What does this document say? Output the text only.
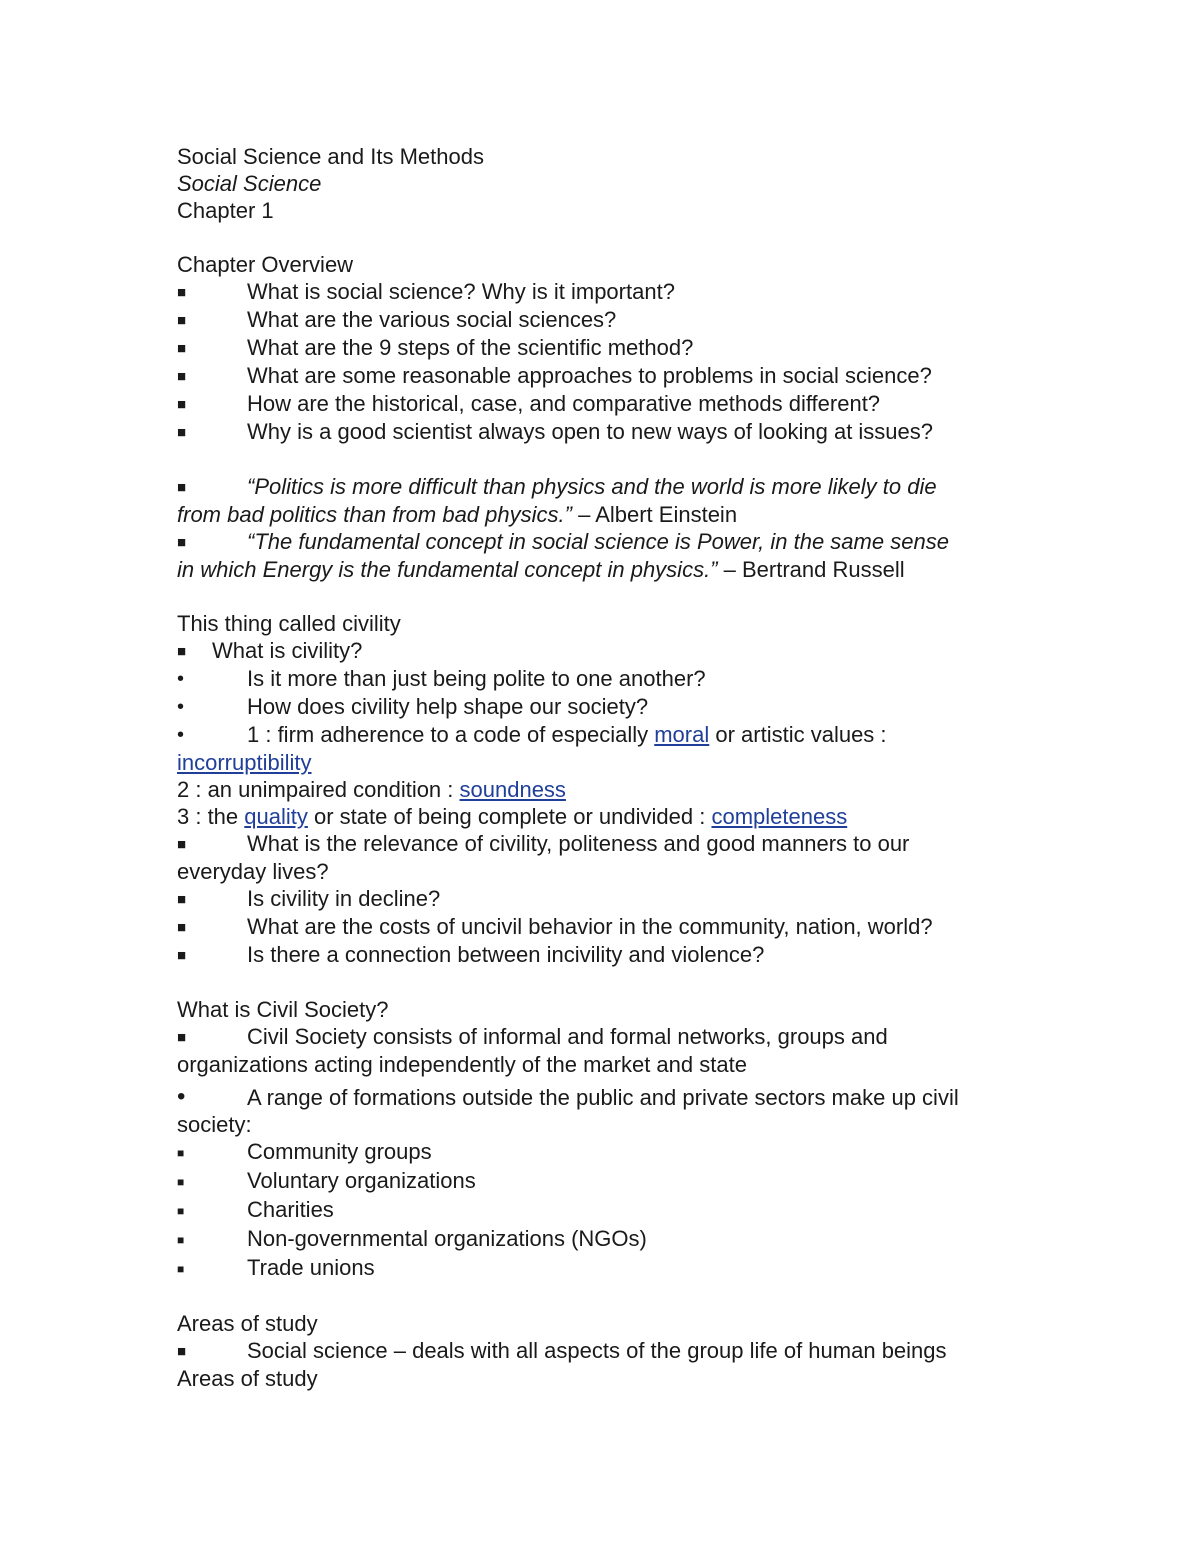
Social Science and Its Methods
Social Science
Chapter 1
Chapter Overview
■	What is social science? Why is it important?
■	What are the various social sciences?
■	What are the 9 steps of the scientific method?
■	What are some reasonable approaches to problems in social science?
■	How are the historical, case, and comparative methods different?
■	Why is a good scientist always open to new ways of looking at issues?
■	“Politics is more difficult than physics and the world is more likely to die
from bad politics than from bad physics.” – Albert Einstein
■	“The fundamental concept in social science is Power, in the same sense
in which Energy is the fundamental concept in physics.” – Bertrand Russell
This thing called civility
■ What is civility?
•	Is it more than just being polite to one another?
•	How does civility help shape our society?
•	1 : firm adherence to a code of especially moral or artistic values :
incorruptibility
2 : an unimpaired condition : soundness
3 : the quality or state of being complete or undivided : completeness
■	What is the relevance of civility, politeness and good manners to our
everyday lives?
■	Is civility in decline?
■	What are the costs of uncivil behavior in the community, nation, world?
■	Is there a connection between incivility and violence?
What is Civil Society?
■	Civil Society consists of informal and formal networks, groups and
organizations acting independently of the market and state
•	A range of formations outside the public and private sectors make up civil
society:
■	Community groups
■	Voluntary organizations
■	Charities
■	Non-governmental organizations (NGOs)
■	Trade unions
Areas of study
■	Social science – deals with all aspects of the group life of human beings
Areas of study
